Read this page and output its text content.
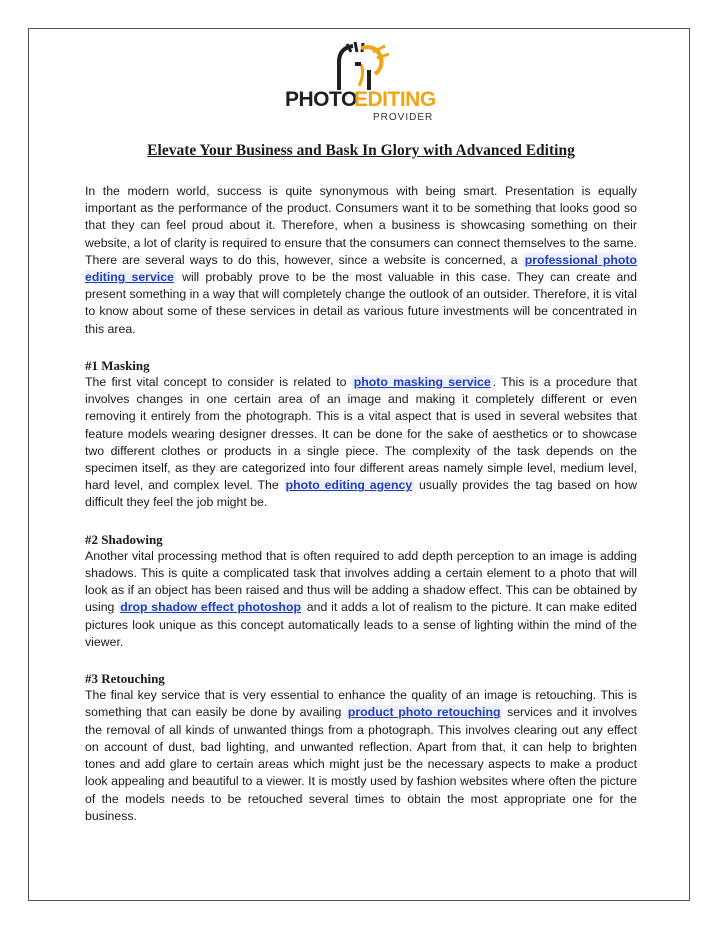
PHOTO
EDITING
PROVIDER
Elevate Your Business and Bask In Glory with Advanced Editing

In the modern world, success is quite synonymous with being smart. Presentation is equally important as the performance of the product. Consumers want it to be something that looks good so that they can feel proud about it. Therefore, when a business is showcasing something on their website, a lot of clarity is required to ensure that the consumers can connect themselves to the same. There are several ways to do this, however, since a website is concerned, a professional photo editing service will probably prove to be the most valuable in this case. They can create and present something in a way that will completely change the outlook of an outsider. Therefore, it is vital to know about some of these services in detail as various future investments will be concentrated in this area.

#1 Masking

The first vital concept to consider is related to photo masking service . This is a procedure that involves changes in one certain area of an image and making it completely different or even removing it entirely from the photograph. This is a vital aspect that is used in several websites that feature models wearing designer dresses. It can be done for the sake of aesthetics or to showcase two different clothes or products in a single piece. The complexity of the task depends on the specimen itself, as they are categorized into four different areas namely simple level, medium level, hard level, and complex level. The photo editing agency usually provides the tag based on how difficult they feel the job might be.

#2 Shadowing

Another vital processing method that is often required to add depth perception to an image is adding shadows. This is quite a complicated task that involves adding a certain element to a photo that will look as if an object has been raised and thus will be adding a shadow effect. This can be obtained by using drop shadow effect photoshop and it adds a lot of realism to the picture. It can make edited pictures look unique as this concept automatically leads to a sense of lighting within the mind of the viewer.

#3 Retouching

The final key service that is very essential to enhance the quality of an image is retouching. This is something that can easily be done by availing product photo retouching services and it involves the removal of all kinds of unwanted things from a photograph. This involves clearing out any effect on account of dust, bad lighting, and unwanted reflection. Apart from that, it can help to brighten tones and add glare to certain areas which might just be the necessary aspects to make a product look appealing and beautiful to a viewer. It is mostly used by fashion websites where often the picture of the models needs to be retouched several times to obtain the most appropriate one for the business.
